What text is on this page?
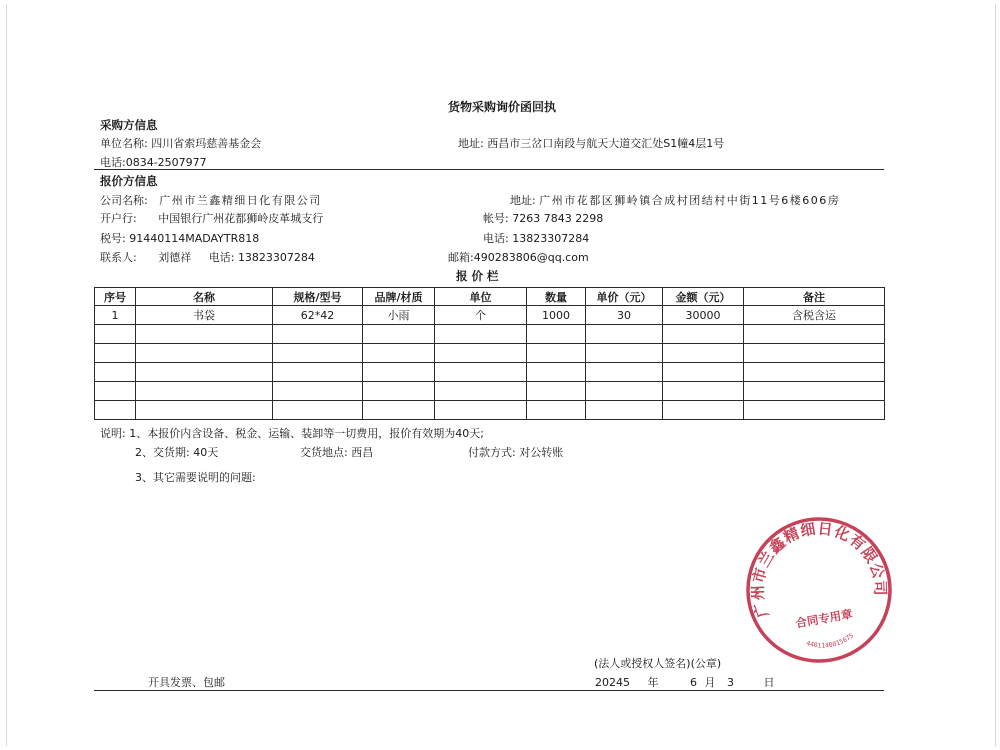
货物采购询价函回执
采购方信息
单位名称: 四川省索玛慈善基金会	地址: 西昌市三岔口南段与航天大道交汇处S1幢4层1号
电话:0834-2507977
报价方信息
公司名称: 广州市兰鑫精细日化有限公司	地址: 广州市花都区狮岭镇合成村团结村中街11号6楼606房
开户行: 中国银行广州花都狮岭皮革城支行	帐号: 7263 7843 2298
税号: 91440114MADAYTR818	电话: 13823307284
联系人: 刘德祥 电话: 13823307284	邮箱:490283806@qq.com
报 价 栏
序号	名称	规格/型号	品牌/材质	单位	数量	单价（元）	金额（元）	备注
1	书袋	62*42	小雨	个	1000	30	30000	含税含运

说明: 1、本报价内含设备、税金、运输、装卸等一切费用，报价有效期为40天;
2、交货期: 40天	交货地点: 西昌	付款方式: 对公转账
3、其它需要说明的问题:
广州市兰鑫精细日化有限公司
合同专用章
4401140015675
(法人或授权人签名)(公章)
开具发票、包邮	20245 年	6 月 3	日
